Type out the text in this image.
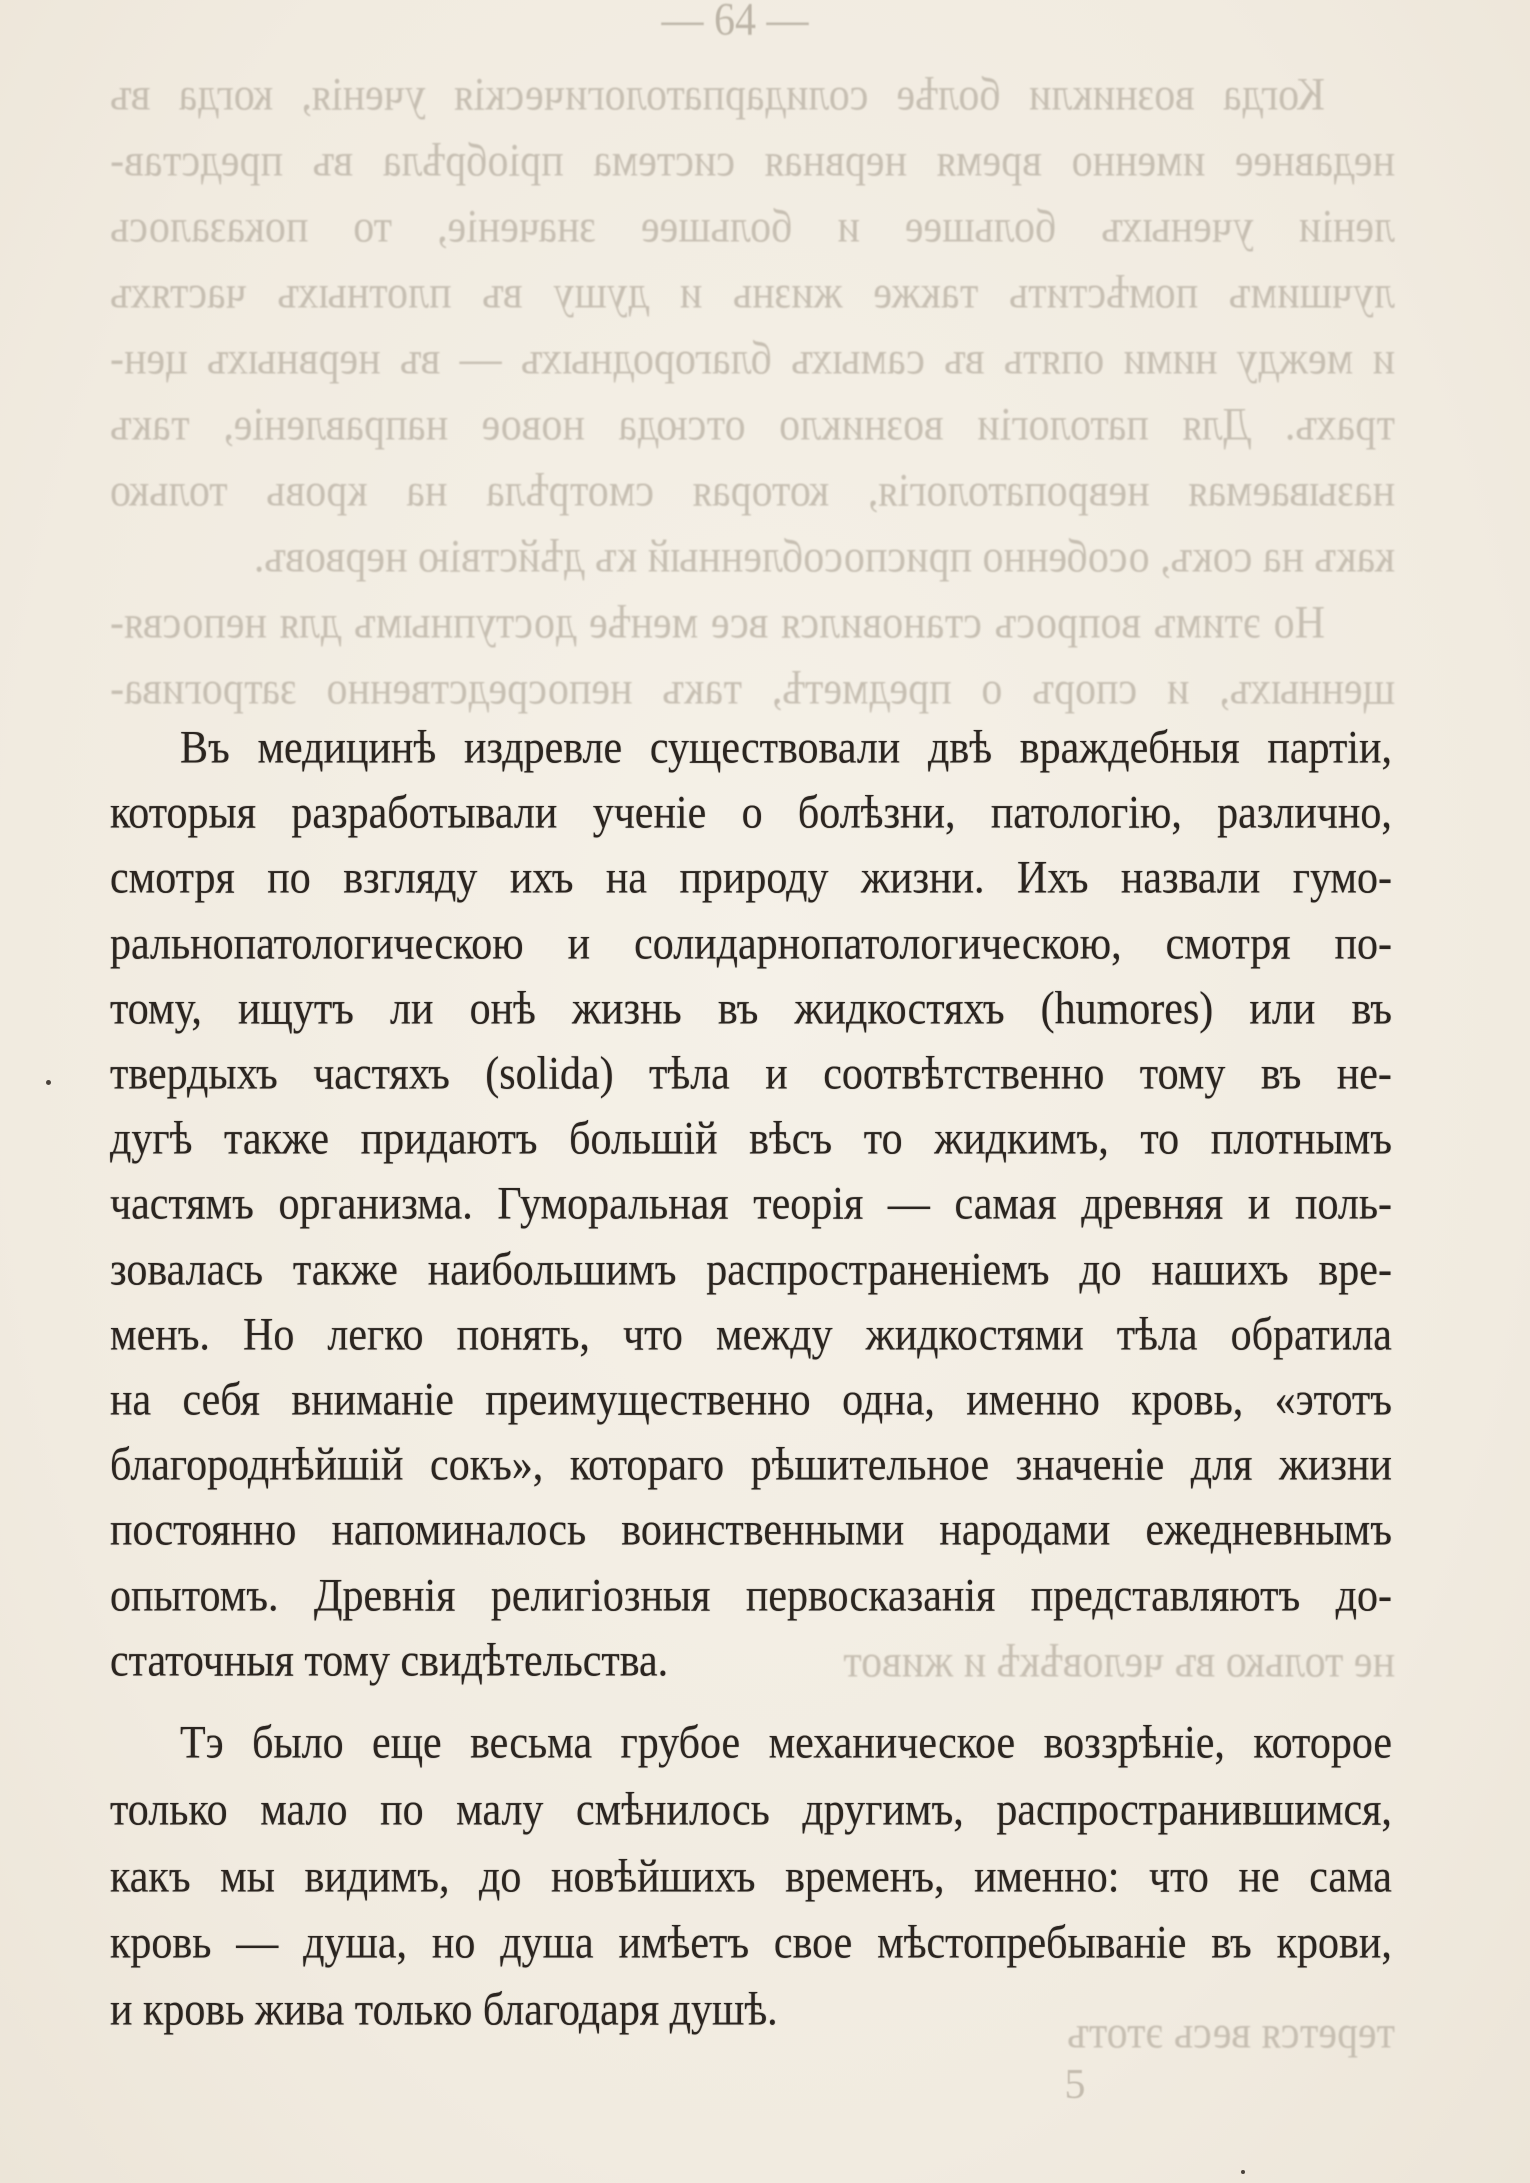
— 64 —
Когда
возникли
болѣе
солидарпатологическія
ученія,
когда
въ
недавнее
именно
время
нервная
система
пріобрѣла
въ
представ-
леніи
ученыхъ
большее
и
большее
значеніе,
то
показалось
лучшимъ
помѣстить
также
жизнь
и
душу
въ
плотныхъ
частяхъ
и
между
ними
опять
въ
самыхъ
благородныхъ
—
въ
нервныхъ
цен-
трахъ.
Для
патологіи
возникло
отсюда
новое
направленіе,
такъ
называемая
невропатологія,
которая
смотрѣла
на
кровь
только
какъ на сокъ, особенно приспособленный къ дѣйствію нервовъ.
Но
этимъ
вопросъ
становился
все
менѣе
доступнымъ
для
непосвя-
щенныхъ,
и
споръ
о
предметѣ,
такъ
непосредственно
затрогива-
не только въ человѣкѣ и живот
терется весь этотъ
Въ медицинѣ издревле существовали двѣ враждебныя партіи,
которыя разработывали ученіе о болѣзни, патологію, различно,
смотря по взгляду ихъ на природу жизни. Ихъ назвали гумо-
ральнопатологическою и солидарнопатологическою, смотря по-
тому, ищутъ ли онѣ жизнь въ жидкостяхъ (humores) или въ
твердыхъ частяхъ (solida) тѣла и соотвѣтственно тому въ не-
дугѣ также придаютъ большій вѣсъ то жидкимъ, то плотнымъ
частямъ организма. Гуморальная теорія — самая древняя и поль-
зовалась также наибольшимъ распространеніемъ до нашихъ вре-
менъ. Но легко понять, что между жидкостями тѣла обратила
на себя вниманіе преимущественно одна, именно кровь, «этотъ
благороднѣйшій сокъ», котораго рѣшительное значеніе для жизни
постоянно напоминалось воинственными народами ежедневнымъ
опытомъ. Древнія религіозныя первосказанія представляютъ до-
статочныя тому свидѣтельства.
Тэ было еще весьма грубое механическое воззрѣніе, которое
только мало по малу смѣнилось другимъ, распространившимся,
какъ мы видимъ, до новѣйшихъ временъ, именно: что не сама
кровь — душа, но душа имѣетъ свое мѣстопребываніе въ крови,
и кровь жива только благодаря душѣ.
5
